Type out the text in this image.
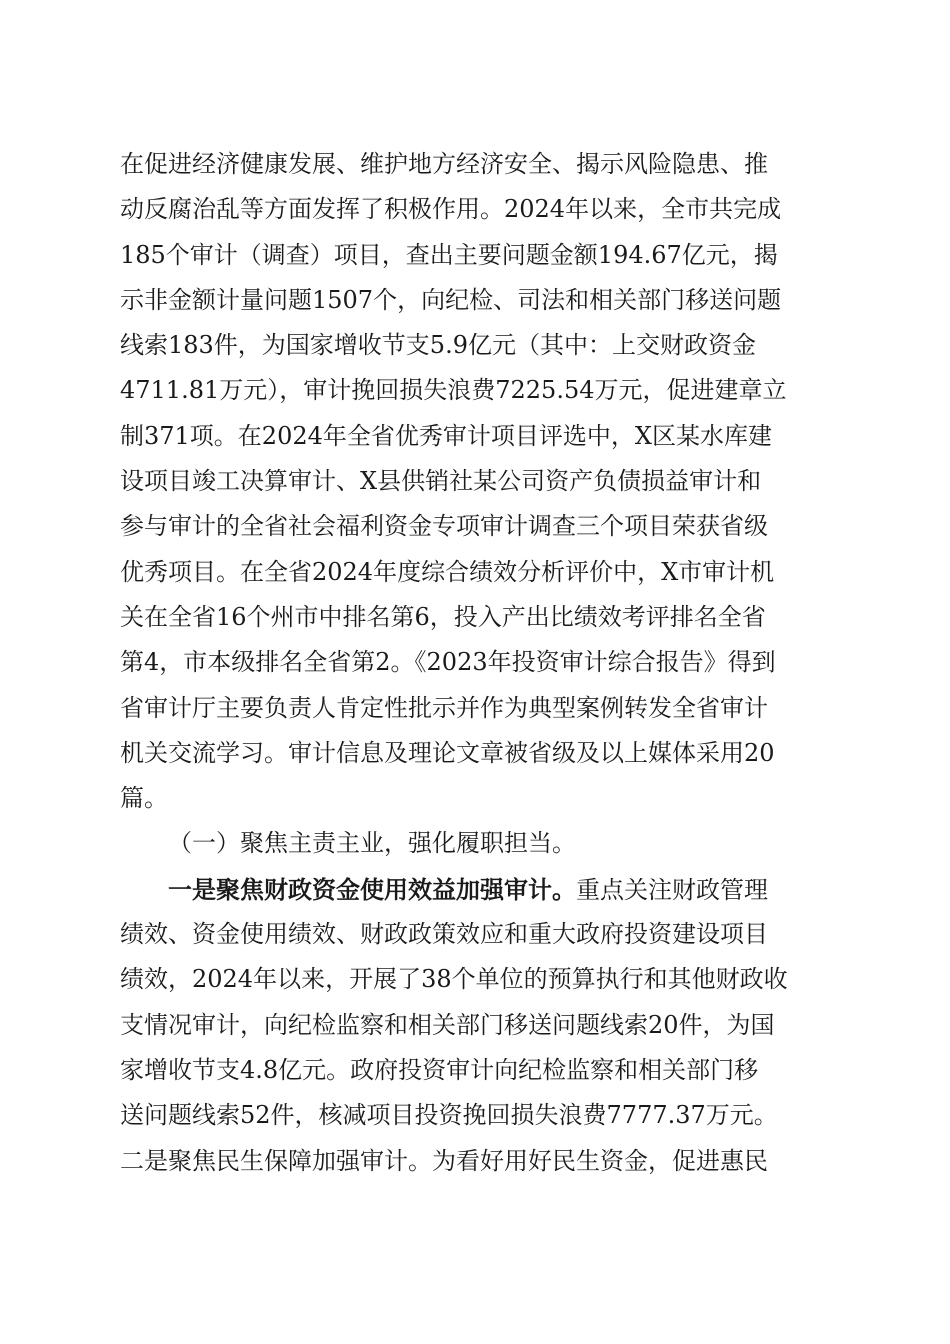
在促进经济健康发展、维护地方经济安全、揭示风险隐患、推
动反腐治乱等方面发挥了积极作用。2024年以来，全市共完成
185个审计（调查）项目，查出主要问题金额194.67亿元，揭
示非金额计量问题1507个，向纪检、司法和相关部门移送问题
线索183件，为国家增收节支5.9亿元（其中：上交财政资金
4711.81万元），审计挽回损失浪费7225.54万元，促进建章立
制371项。在2024年全省优秀审计项目评选中，X区某水库建
设项目竣工决算审计、X县供销社某公司资产负债损益审计和
参与审计的全省社会福利资金专项审计调查三个项目荣获省级
优秀项目。在全省2024年度综合绩效分析评价中，X市审计机
关在全省16个州市中排名第6，投入产出比绩效考评排名全省
第4，市本级排名全省第2。《2023年投资审计综合报告》得到
省审计厅主要负责人肯定性批示并作为典型案例转发全省审计
机关交流学习。审计信息及理论文章被省级及以上媒体采用20
篇。
（一）聚焦主责主业，强化履职担当。
一是聚焦财政资金使用效益加强审计。重点关注财政管理
绩效、资金使用绩效、财政政策效应和重大政府投资建设项目
绩效，2024年以来，开展了38个单位的预算执行和其他财政收
支情况审计，向纪检监察和相关部门移送问题线索20件，为国
家增收节支4.8亿元。政府投资审计向纪检监察和相关部门移
送问题线索52件，核减项目投资挽回损失浪费7777.37万元。
二是聚焦民生保障加强审计。为看好用好民生资金，促进惠民
